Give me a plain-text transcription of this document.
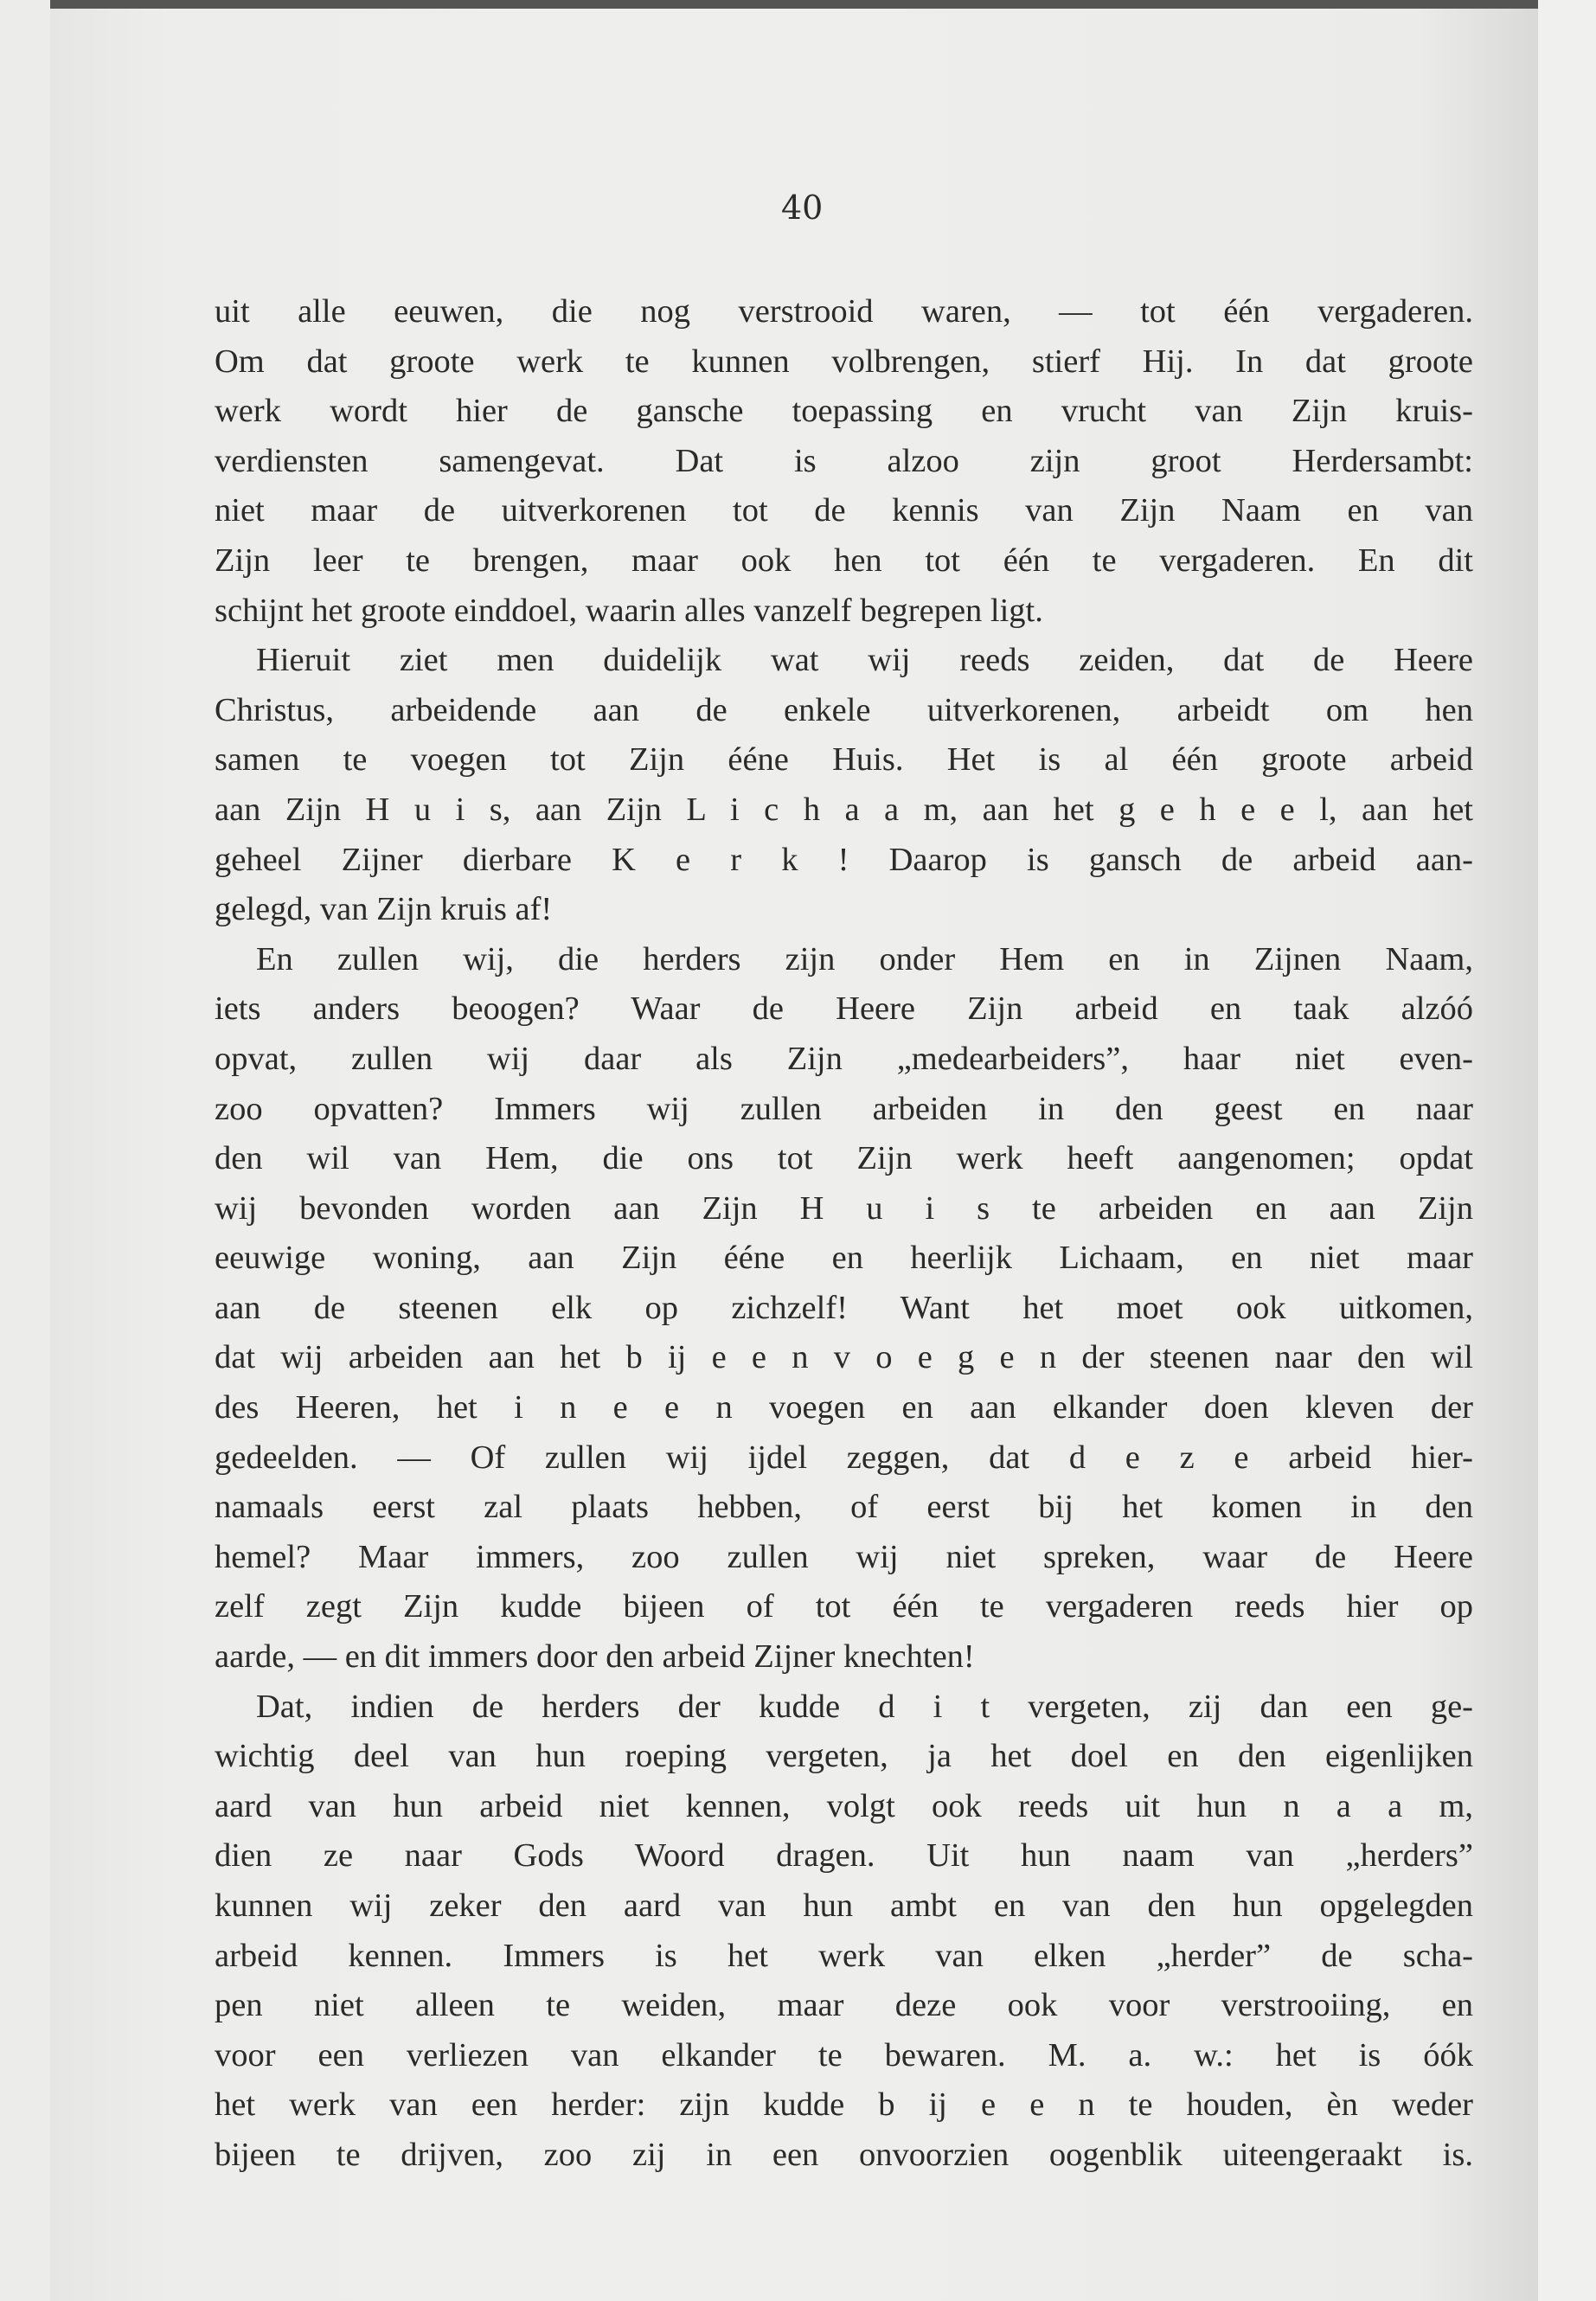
40

uit alle eeuwen, die nog verstrooid waren, — tot één vergaderen.

Om dat groote werk te kunnen volbrengen, stierf Hij. In dat groote

werk wordt hier de gansche toepassing en vrucht van Zijn kruis-

verdiensten samengevat. Dat is alzoo zijn groot Herdersambt:

niet maar de uitverkorenen tot de kennis van Zijn Naam en van

Zijn leer te brengen, maar ook hen tot één te vergaderen. En dit

schijnt het groote einddoel, waarin alles vanzelf begrepen ligt.

Hieruit ziet men duidelijk wat wij reeds zeiden, dat de Heere

Christus, arbeidende aan de enkele uitverkorenen, arbeidt om hen

samen te voegen tot Zijn ééne Huis. Het is al één groote arbeid

aan Zijn H u i s, aan Zijn L i c h a a m, aan het g e h e e l, aan het

geheel Zijner dierbare K e r k ! Daarop is gansch de arbeid aan-

gelegd, van Zijn kruis af!

En zullen wij, die herders zijn onder Hem en in Zijnen Naam,

iets anders beoogen? Waar de Heere Zijn arbeid en taak alzóó

opvat, zullen wij daar als Zijn „medearbeiders”, haar niet even-

zoo opvatten? Immers wij zullen arbeiden in den geest en naar

den wil van Hem, die ons tot Zijn werk heeft aangenomen; opdat

wij bevonden worden aan Zijn H u i s te arbeiden en aan Zijn

eeuwige woning, aan Zijn ééne en heerlijk Lichaam, en niet maar

aan de steenen elk op zichzelf! Want het moet ook uitkomen,

dat wij arbeiden aan het b ij e e n v o e g e n der steenen naar den wil

des Heeren, het i n e e n voegen en aan elkander doen kleven der

gedeelden. — Of zullen wij ijdel zeggen, dat d e z e arbeid hier-

namaals eerst zal plaats hebben, of eerst bij het komen in den

hemel? Maar immers, zoo zullen wij niet spreken, waar de Heere

zelf zegt Zijn kudde bijeen of tot één te vergaderen reeds hier op

aarde, — en dit immers door den arbeid Zijner knechten!

Dat, indien de herders der kudde d i t vergeten, zij dan een ge-

wichtig deel van hun roeping vergeten, ja het doel en den eigenlijken

aard van hun arbeid niet kennen, volgt ook reeds uit hun n a a m,

dien ze naar Gods Woord dragen. Uit hun naam van „herders”

kunnen wij zeker den aard van hun ambt en van den hun opgelegden

arbeid kennen. Immers is het werk van elken „herder” de scha-

pen niet alleen te weiden, maar deze ook voor verstrooiing, en

voor een verliezen van elkander te bewaren. M. a. w.: het is óók

het werk van een herder: zijn kudde b ij e e n te houden, èn weder

bijeen te drijven, zoo zij in een onvoorzien oogenblik uiteengeraakt is.
